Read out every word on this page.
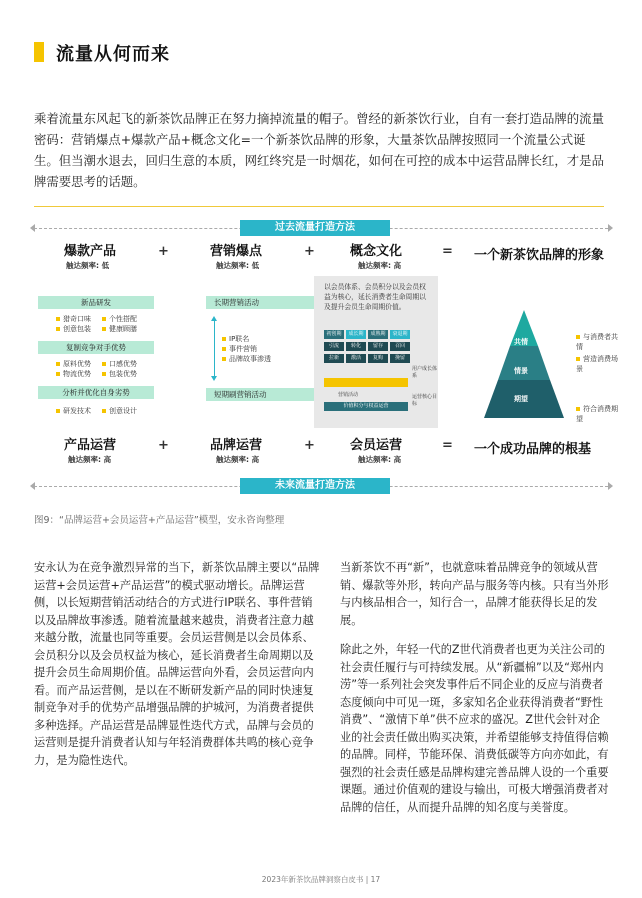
流量从何而来
乘着流量东风起飞的新茶饮品牌正在努力摘掉流量的帽子。曾经的新茶饮行业，自有一套打造品牌的流量密码：营销爆点+爆款产品+概念文化=一个新茶饮品牌的形象，大量茶饮品牌按照同一个流量公式诞生。但当潮水退去，回归生意的本质，网红终究是一时烟花，如何在可控的成本中运营品牌长红，才是品牌需要思考的话题。
过去流量打造方法
爆款产品
触达频率: 低
+	营销爆点
触达频率: 低
+	概念文化
触达频率: 高
= 一个新茶饮品牌的形象
新品研发
猎奇口味	个性搭配
创意包装	健康顾膳
复制竞争对手优势
原料优势	口感优势
物流优势	包装优势
分析并优化自身劣势
研发技术	创意设计
长期营销活动
IP联名
事件营销
品牌故事渗透
短期刷营销活动
以会员体系、会员积分以及会员权益为核心，延长消费者生命周期以及提升会员生命周期价值。
初创期	成长期	成熟期	衰退期
引流	转化	留存	召回
拉新	激活	复购	挽留
用户成长体系
营销活动
价值积分与权益运营
运营核心目标
共情
情景
期望
与消费者共情
营造消费场景
符合消费期望
产品运营
触达频率: 高
+	品牌运营
触达频率: 高
+	会员运营
触达频率: 高
= 一个成功品牌的根基
未来流量打造方法
图9：“品牌运营+会员运营+产品运营”模型，安永咨询整理
安永认为在竞争激烈异常的当下，新茶饮品牌主要以“品牌运营+会员运营+产品运营”的模式驱动增长。品牌运营侧，以长短期营销活动结合的方式进行IP联名、事件营销以及品牌故事渗透。随着流量越来越贵，消费者注意力越来越分散，流量也同等重要。会员运营侧是以会员体系、会员积分以及会员权益为核心，延长消费者生命周期以及提升会员生命周期价值。品牌运营向外看，会员运营向内看。而产品运营侧，是以在不断研发新产品的同时快速复制竞争对手的优势产品增强品牌的护城河，为消费者提供多种选择。产品运营是品牌显性迭代方式，品牌与会员的运营则是提升消费者认知与年轻消费群体共鸣的核心竞争力，是为隐性迭代。

当新茶饮不再“新”，也就意味着品牌竞争的领域从营销、爆款等外形，转向产品与服务等内核。只有当外形与内核品相合一，知行合一，品牌才能获得长足的发展。

除此之外，年轻一代的Z世代消费者也更为关注公司的社会责任履行与可持续发展。从“新疆棉”以及“郑州内涝”等一系列社会突发事件后不同企业的反应与消费者态度倾向中可见一斑，多家知名企业获得消费者“野性消费”、“激情下单”供不应求的盛况。Z世代会针对企业的社会责任做出购买决策，并希望能够支持值得信赖的品牌。同样，节能环保、消费低碳等方向亦如此，有强烈的社会责任感是品牌构建完善品牌人设的一个重要课题。通过价值观的建设与输出，可极大增强消费者对品牌的信任，从而提升品牌的知名度与美誉度。

2023年新茶饮品牌洞察白皮书 | 17
